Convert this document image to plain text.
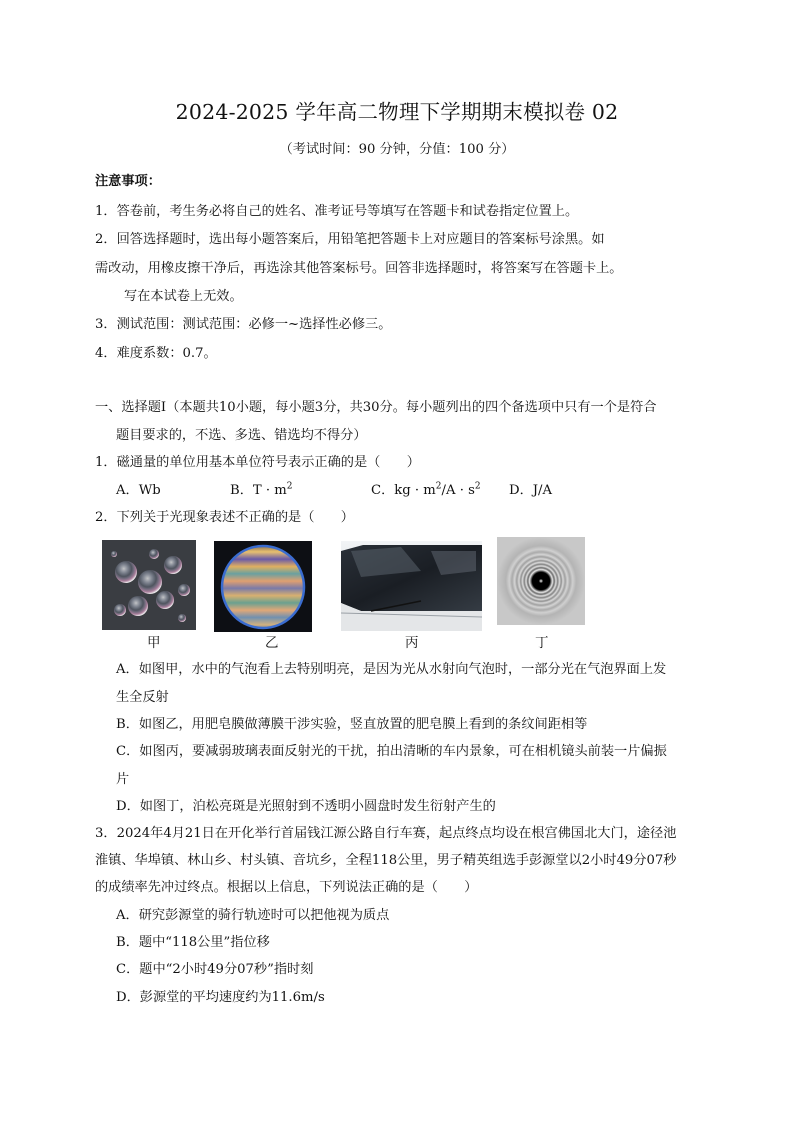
2024-2025 学年高二物理下学期期末模拟卷 02
（考试时间：90 分钟，分值：100 分）
注意事项：
1．答卷前，考生务必将自己的姓名、准考证号等填写在答题卡和试卷指定位置上。
2．回答选择题时，选出每小题答案后，用铅笔把答题卡上对应题目的答案标号涂黑。如
需改动，用橡皮擦干净后，再选涂其他答案标号。回答非选择题时，将答案写在答题卡上。
写在本试卷上无效。
3．测试范围：测试范围：必修一~选择性必修三。
4．难度系数：0.7。
一、选择题Ⅰ（本题共10小题，每小题3分，共30分。每小题列出的四个备选项中只有一个是符合
题目要求的，不选、多选、错选均不得分）
1．磁通量的单位用基本单位符号表示正确的是（　　）
A．Wb	B．$T \cdot m^2$	C．kg · $m^2/A \cdot s^2$ D．J/A
2．下列关于光现象表述不正确的是（　　）
甲	乙	丙	丁
A．如图甲，水中的气泡看上去特别明亮，是因为光从水射向气泡时，一部分光在气泡界面上发
生全反射
B．如图乙，用肥皂膜做薄膜干涉实验，竖直放置的肥皂膜上看到的条纹间距相等
C．如图丙，要减弱玻璃表面反射光的干扰，拍出清晰的车内景象，可在相机镜头前装一片偏振
片
D．如图丁，泊松亮斑是光照射到不透明小圆盘时发生衍射产生的
3．2024年4月21日在开化举行首届钱江源公路自行车赛，起点终点均设在根宫佛国北大门，途径池
淮镇、华埠镇、林山乡、村头镇、音坑乡，全程118公里，男子精英组选手彭源堂以2小时49分07秒
的成绩率先冲过终点。根据以上信息，下列说法正确的是（　　）
A．研究彭源堂的骑行轨迹时可以把他视为质点
B．题中“118公里”指位移
C．题中“2小时49分07秒”指时刻
D．彭源堂的平均速度约为11.6m/s
